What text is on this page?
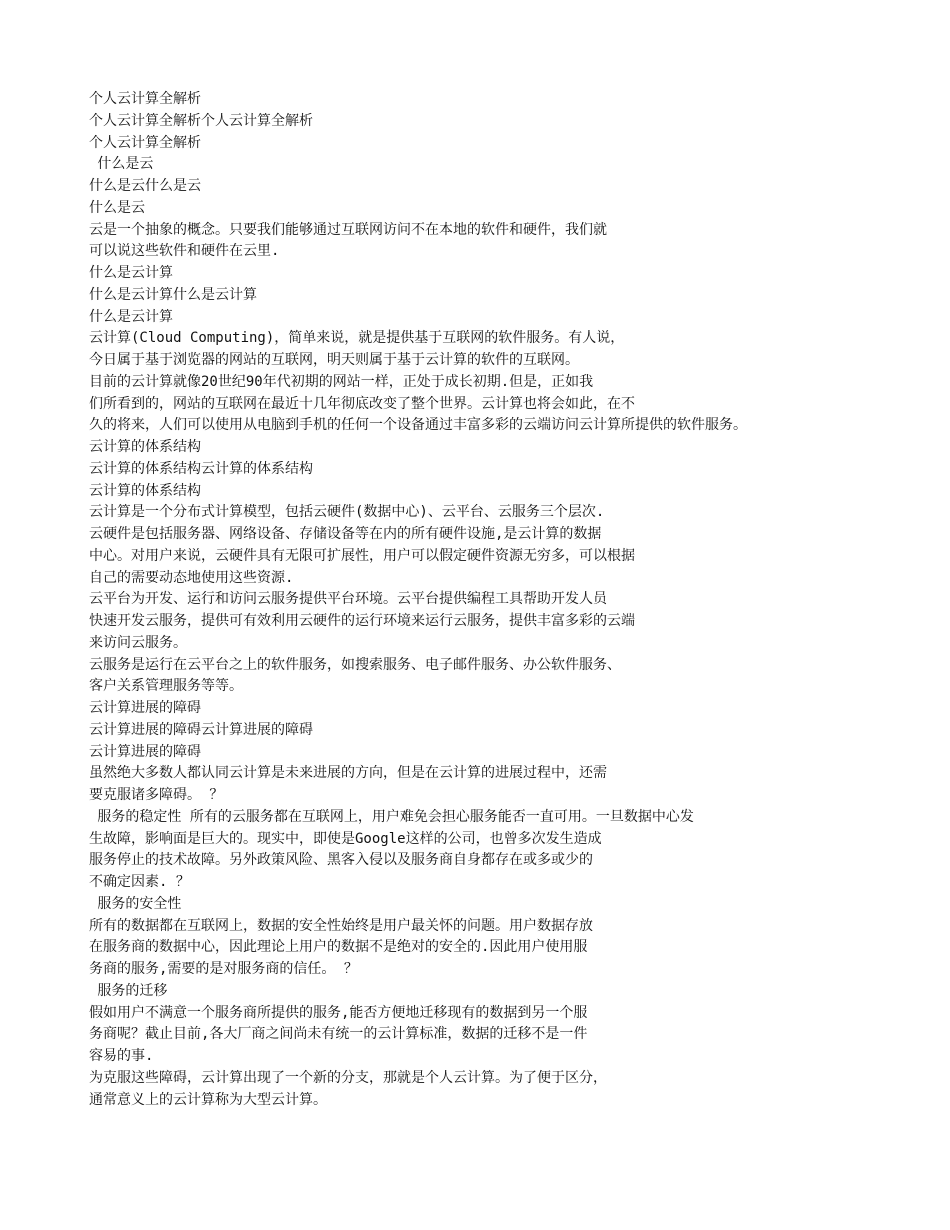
个人云计算全解析
个人云计算全解析个人云计算全解析
个人云计算全解析
什么是云
什么是云什么是云
什么是云
云是一个抽象的概念。只要我们能够通过互联网访问不在本地的软件和硬件，我们就
可以说这些软件和硬件在云里.
什么是云计算
什么是云计算什么是云计算
什么是云计算
云计算(Cloud Computing)，简单来说，就是提供基于互联网的软件服务。有人说，
今日属于基于浏览器的网站的互联网，明天则属于基于云计算的软件的互联网。
目前的云计算就像20世纪90年代初期的网站一样，正处于成长初期.但是，正如我
们所看到的，网站的互联网在最近十几年彻底改变了整个世界。云计算也将会如此，在不
久的将来，人们可以使用从电脑到手机的任何一个设备通过丰富多彩的云端访问云计算所提供的软件服务。
云计算的体系结构
云计算的体系结构云计算的体系结构
云计算的体系结构
云计算是一个分布式计算模型，包括云硬件(数据中心)、云平台、云服务三个层次.
云硬件是包括服务器、网络设备、存储设备等在内的所有硬件设施,是云计算的数据
中心。对用户来说，云硬件具有无限可扩展性，用户可以假定硬件资源无穷多，可以根据
自己的需要动态地使用这些资源.
云平台为开发、运行和访问云服务提供平台环境。云平台提供编程工具帮助开发人员
快速开发云服务，提供可有效利用云硬件的运行环境来运行云服务，提供丰富多彩的云端
来访问云服务。
云服务是运行在云平台之上的软件服务，如搜索服务、电子邮件服务、办公软件服务、
客户关系管理服务等等。
云计算进展的障碍
云计算进展的障碍云计算进展的障碍
云计算进展的障碍
虽然绝大多数人都认同云计算是未来进展的方向，但是在云计算的进展过程中，还需
要克服诸多障碍。 ？
服务的稳定性 所有的云服务都在互联网上，用户难免会担心服务能否一直可用。一旦数据中心发
生故障，影响面是巨大的。现实中，即使是Google这样的公司，也曾多次发生造成
服务停止的技术故障。另外政策风险、黑客入侵以及服务商自身都存在或多或少的
不确定因素. ？
服务的安全性
所有的数据都在互联网上，数据的安全性始终是用户最关怀的问题。用户数据存放
在服务商的数据中心，因此理论上用户的数据不是绝对的安全的.因此用户使用服
务商的服务,需要的是对服务商的信任。 ？
服务的迁移
假如用户不满意一个服务商所提供的服务,能否方便地迁移现有的数据到另一个服
务商呢？截止目前,各大厂商之间尚未有统一的云计算标准，数据的迁移不是一件
容易的事.
为克服这些障碍，云计算出现了一个新的分支，那就是个人云计算。为了便于区分，
通常意义上的云计算称为大型云计算。
